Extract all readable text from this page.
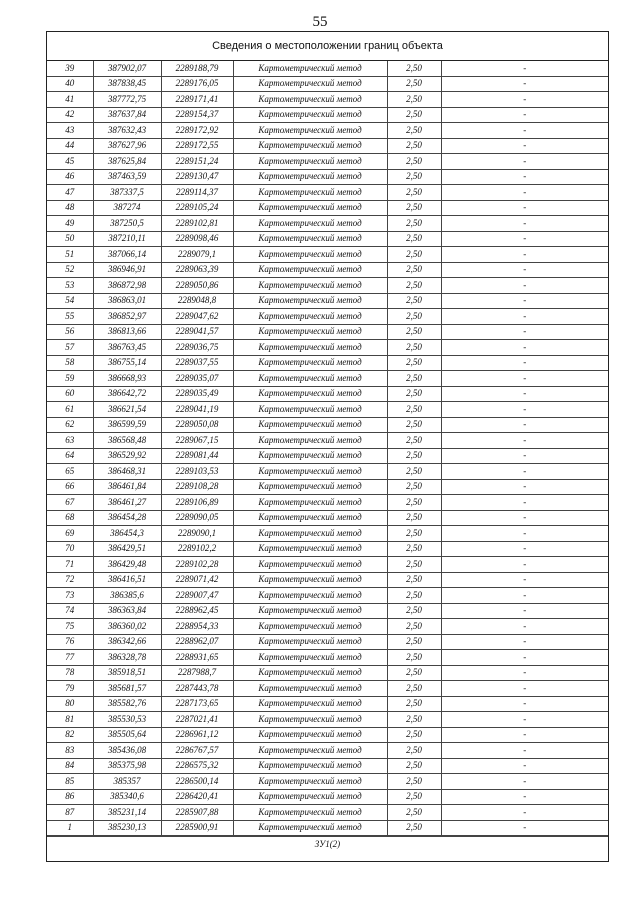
55
Сведения о местоположении границ объекта
39	387902,07	2289188,79	Картометрический метод	2,50	-
40	387838,45	2289176,05	Картометрический метод	2,50	-
41	387772,75	2289171,41	Картометрический метод	2,50	-
42	387637,84	2289154,37	Картометрический метод	2,50	-
43	387632,43	2289172,92	Картометрический метод	2,50	-
44	387627,96	2289172,55	Картометрический метод	2,50	-
45	387625,84	2289151,24	Картометрический метод	2,50	-
46	387463,59	2289130,47	Картометрический метод	2,50	-
47	387337,5	2289114,37	Картометрический метод	2,50	-
48	387274	2289105,24	Картометрический метод	2,50	-
49	387250,5	2289102,81	Картометрический метод	2,50	-
50	387210,11	2289098,46	Картометрический метод	2,50	-
51	387066,14	2289079,1	Картометрический метод	2,50	-
52	386946,91	2289063,39	Картометрический метод	2,50	-
53	386872,98	2289050,86	Картометрический метод	2,50	-
54	386863,01	2289048,8	Картометрический метод	2,50	-
55	386852,97	2289047,62	Картометрический метод	2,50	-
56	386813,66	2289041,57	Картометрический метод	2,50	-
57	386763,45	2289036,75	Картометрический метод	2,50	-
58	386755,14	2289037,55	Картометрический метод	2,50	-
59	386668,93	2289035,07	Картометрический метод	2,50	-
60	386642,72	2289035,49	Картометрический метод	2,50	-
61	386621,54	2289041,19	Картометрический метод	2,50	-
62	386599,59	2289050,08	Картометрический метод	2,50	-
63	386568,48	2289067,15	Картометрический метод	2,50	-
64	386529,92	2289081,44	Картометрический метод	2,50	-
65	386468,31	2289103,53	Картометрический метод	2,50	-
66	386461,84	2289108,28	Картометрический метод	2,50	-
67	386461,27	2289106,89	Картометрический метод	2,50	-
68	386454,28	2289090,05	Картометрический метод	2,50	-
69	386454,3	2289090,1	Картометрический метод	2,50	-
70	386429,51	2289102,2	Картометрический метод	2,50	-
71	386429,48	2289102,28	Картометрический метод	2,50	-
72	386416,51	2289071,42	Картометрический метод	2,50	-
73	386385,6	2289007,47	Картометрический метод	2,50	-
74	386363,84	2288962,45	Картометрический метод	2,50	-
75	386360,02	2288954,33	Картометрический метод	2,50	-
76	386342,66	2288962,07	Картометрический метод	2,50	-
77	386328,78	2288931,65	Картометрический метод	2,50	-
78	385918,51	2287988,7	Картометрический метод	2,50	-
79	385681,57	2287443,78	Картометрический метод	2,50	-
80	385582,76	2287173,65	Картометрический метод	2,50	-
81	385530,53	2287021,41	Картометрический метод	2,50	-
82	385505,64	2286961,12	Картометрический метод	2,50	-
83	385436,08	2286767,57	Картометрический метод	2,50	-
84	385375,98	2286575,32	Картометрический метод	2,50	-
85	385357	2286500,14	Картометрический метод	2,50	-
86	385340,6	2286420,41	Картометрический метод	2,50	-
87	385231,14	2285907,88	Картометрический метод	2,50	-
1	385230,13	2285900,91	Картометрический метод	2,50	-
ЗУ1(2)
